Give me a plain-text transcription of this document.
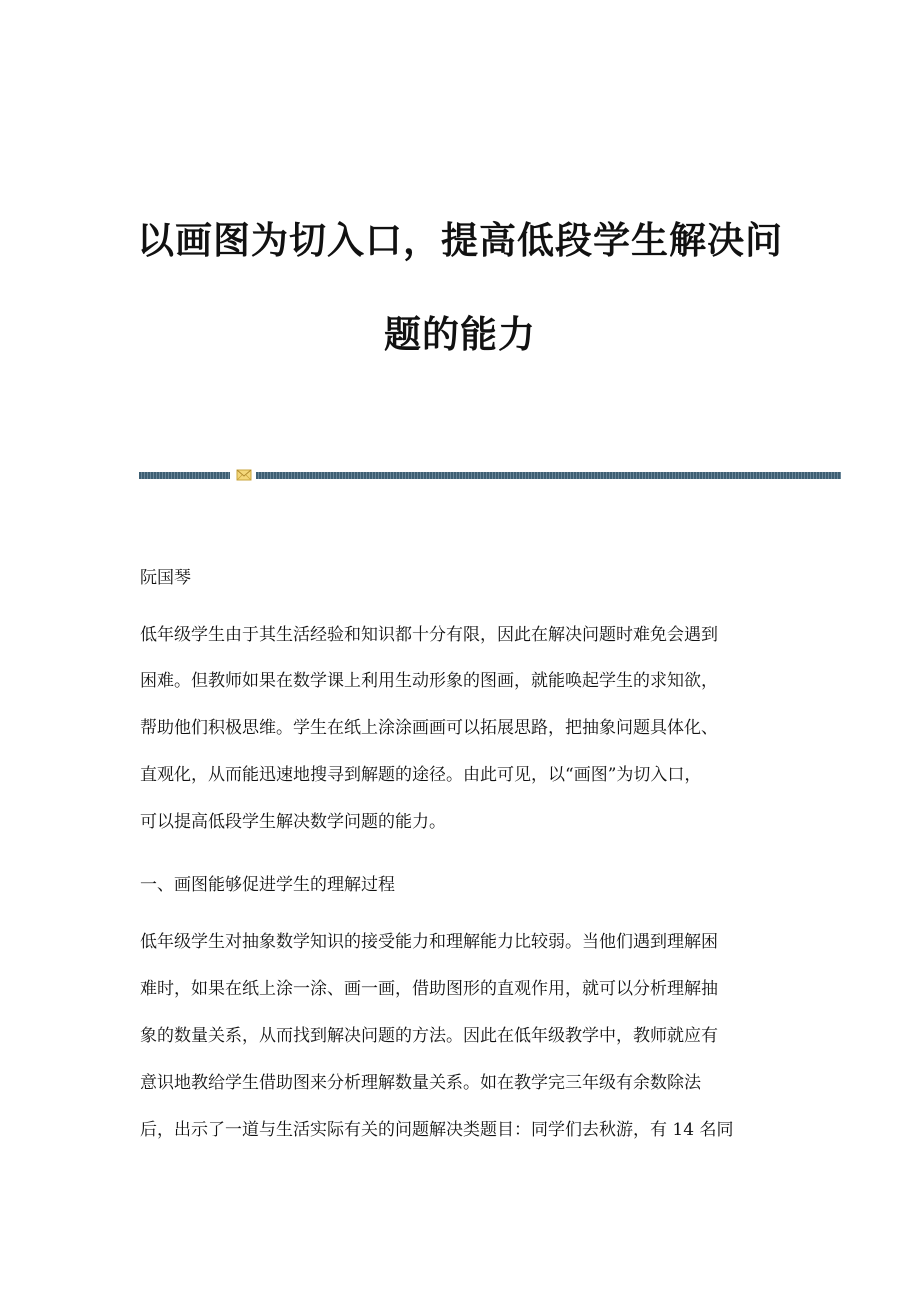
以画图为切入口，提高低段学生解决问
题的能力
阮国琴
低年级学生由于其生活经验和知识都十分有限，因此在解决问题时难免会遇到
困难。但教师如果在数学课上利用生动形象的图画，就能唤起学生的求知欲，
帮助他们积极思维。学生在纸上涂涂画画可以拓展思路，把抽象问题具体化、
直观化，从而能迅速地搜寻到解题的途径。由此可见，以“画图”为切入口，
可以提高低段学生解决数学问题的能力。
一、画图能够促进学生的理解过程
低年级学生对抽象数学知识的接受能力和理解能力比较弱。当他们遇到理解困
难时，如果在纸上涂一涂、画一画，借助图形的直观作用，就可以分析理解抽
象的数量关系，从而找到解决问题的方法。因此在低年级教学中，教师就应有
意识地教给学生借助图来分析理解数量关系。如在教学完三年级有余数除法
后，出示了一道与生活实际有关的问题解决类题目：同学们去秋游，有 14 名同
